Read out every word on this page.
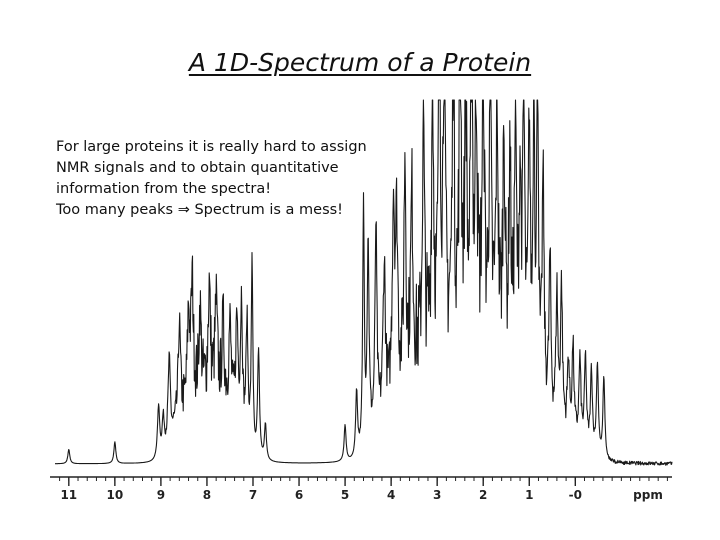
A 1D-Spectrum of a Protein
For large proteins it is really hard to assign
NMR signals and to obtain quantitative
information from the spectra!
Too many peaks ⇒ Spectrum is a mess!
11 10	9	8	7	6	5	4	3	2	1	-0	ppm
